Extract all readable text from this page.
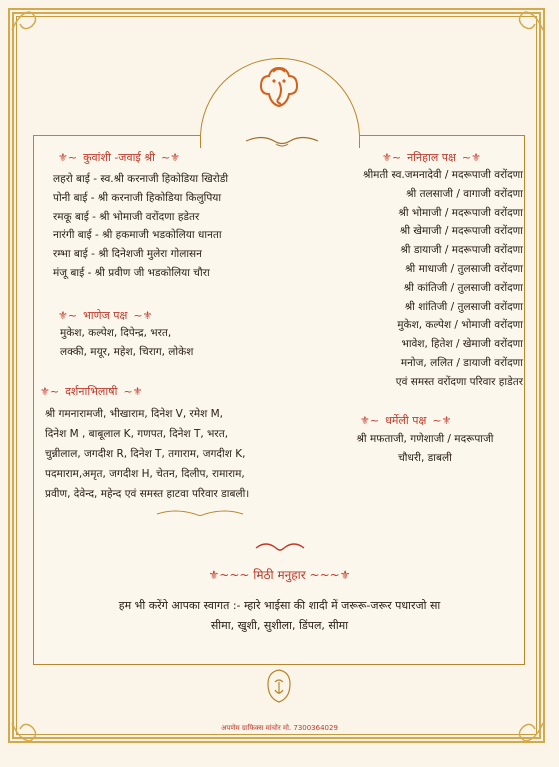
⚜︎~ कुवांशी -जवाई श्री ~⚜︎
लहरो बाई - स्व.श्री करनाजी हिकोडिया खिरोडी
पोनी बाई - श्री करनाजी हिकोडिया किलुपिया
रमकू बाई - श्री भोमाजी वरोंदणा हडेतर
नारंगी बाई - श्री हकमाजी भडकोलिया धानता
रम्भा बाई - श्री दिनेशजी मुलेरा गोलासन
मंजू बाई - श्री प्रवीण जी भडकोलिया चौरा
⚜︎~ भाणेज पक्ष ~⚜︎
मुकेश, कल्पेश, दिपेन्द्र, भरत,
लक्की, मयूर, महेश, चिराग, लोकेश
⚜︎~ दर्शनाभिलाषी ~⚜︎
श्री गमनारामजी, भीखाराम, दिनेश V, रमेश M,
दिनेश M , बाबूलाल K, गणपत, दिनेश T, भरत,
चुन्नीलाल, जगदीश R, दिनेश T, तगाराम, जगदीश K,
पदमाराम,अमृत, जगदीश H, चेतन, दिलीप, रामाराम,
प्रवीण, देवेन्द, महेन्द एवं समस्त हाटवा परिवार डाबली।
⚜︎~ ननिहाल पक्ष ~⚜︎
श्रीमती स्व.जमनादेवी / मदरूपाजी वरोंदणा
श्री तलसाजी / वागाजी वरोंदणा
श्री भोमाजी / मदरूपाजी वरोंदणा
श्री खेमाजी / मदरूपाजी वरोंदणा
श्री डायाजी / मदरूपाजी वरोंदणा
श्री माधाजी / तुलसाजी वरोंदणा
श्री कांतिजी / तुलसाजी वरोंदणा
श्री शांतिजी / तुलसाजी वरोंदणा
मुकेश, कल्पेश / भोमाजी वरोंदणा
भावेश, हितेश / खेमाजी वरोंदणा
मनोज, ललित / डायाजी वरोंदणा
एवं समस्त वरोंदणा परिवार हाडेतर
⚜︎~ धर्मेली पक्ष ~⚜︎
श्री मफताजी, गणेशाजी / मदरूपाजी
चौधरी, डाबली
⚜︎~~~ मिठी मनुहार ~~~⚜︎
हम भी करेंगे आपका स्वागत :- म्हारे भाईसा की शादी में जरूरू-जरूर पधारजो सा
सीमा, खुशी, सुशीला, डिंपल, सीमा
अपणेम ग्राफिक्स मांचोर मो. 7300364029
